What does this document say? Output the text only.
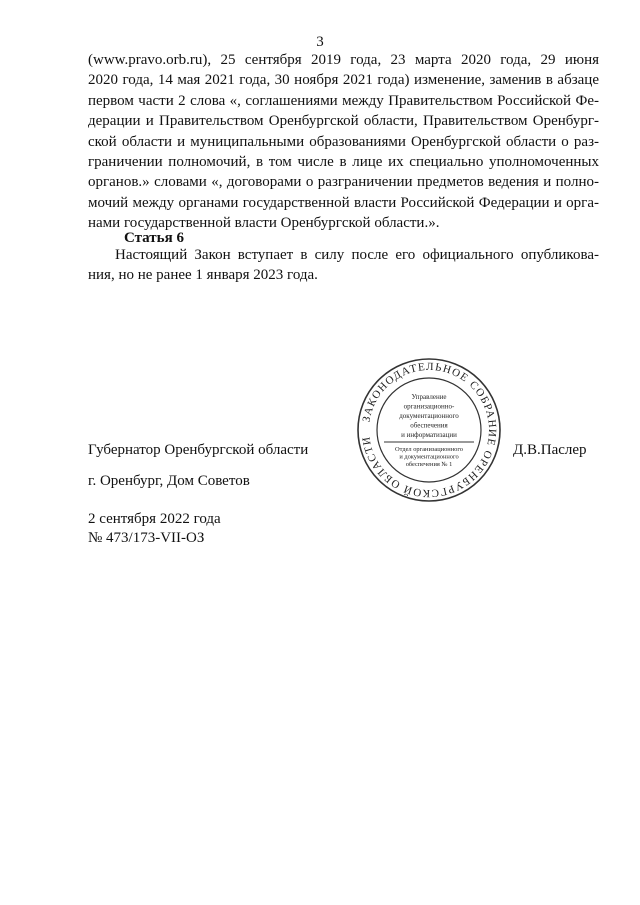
3
(www.pravo.orb.ru), 25 сентября 2019 года, 23 марта 2020 года, 29 июня
2020 года, 14 мая 2021 года, 30 ноября 2021 года) изменение, заменив в абзаце
первом части 2 слова «, соглашениями между Правительством Российской Фе-
дерации и Правительством Оренбургской области, Правительством Оренбург-
ской области и муниципальными образованиями Оренбургской области о раз-
граничении полномочий, в том числе в лице их специально уполномоченных
органов.» словами «, договорами о разграничении предметов ведения и полно-
мочий между органами государственной власти Российской Федерации и орга-
нами государственной власти Оренбургской области.».
Статья 6
Настоящий Закон вступает в силу после его официального опубликова-
ния, но не ранее 1 января 2023 года.
Губернатор Оренбургской области	Д.В.Паслер
ЗАКОНОДАТЕЛЬНОЕ СОБРАНИЕ ОРЕНБУРГСКОЙ ОБЛАСТИ
Управление организационно-документационного обеспечения и информатизации
Отдел организационного и документационного обеспечения № 1
г. Оренбург, Дом Советов
2 сентября 2022 года
№ 473/173-VII-ОЗ
